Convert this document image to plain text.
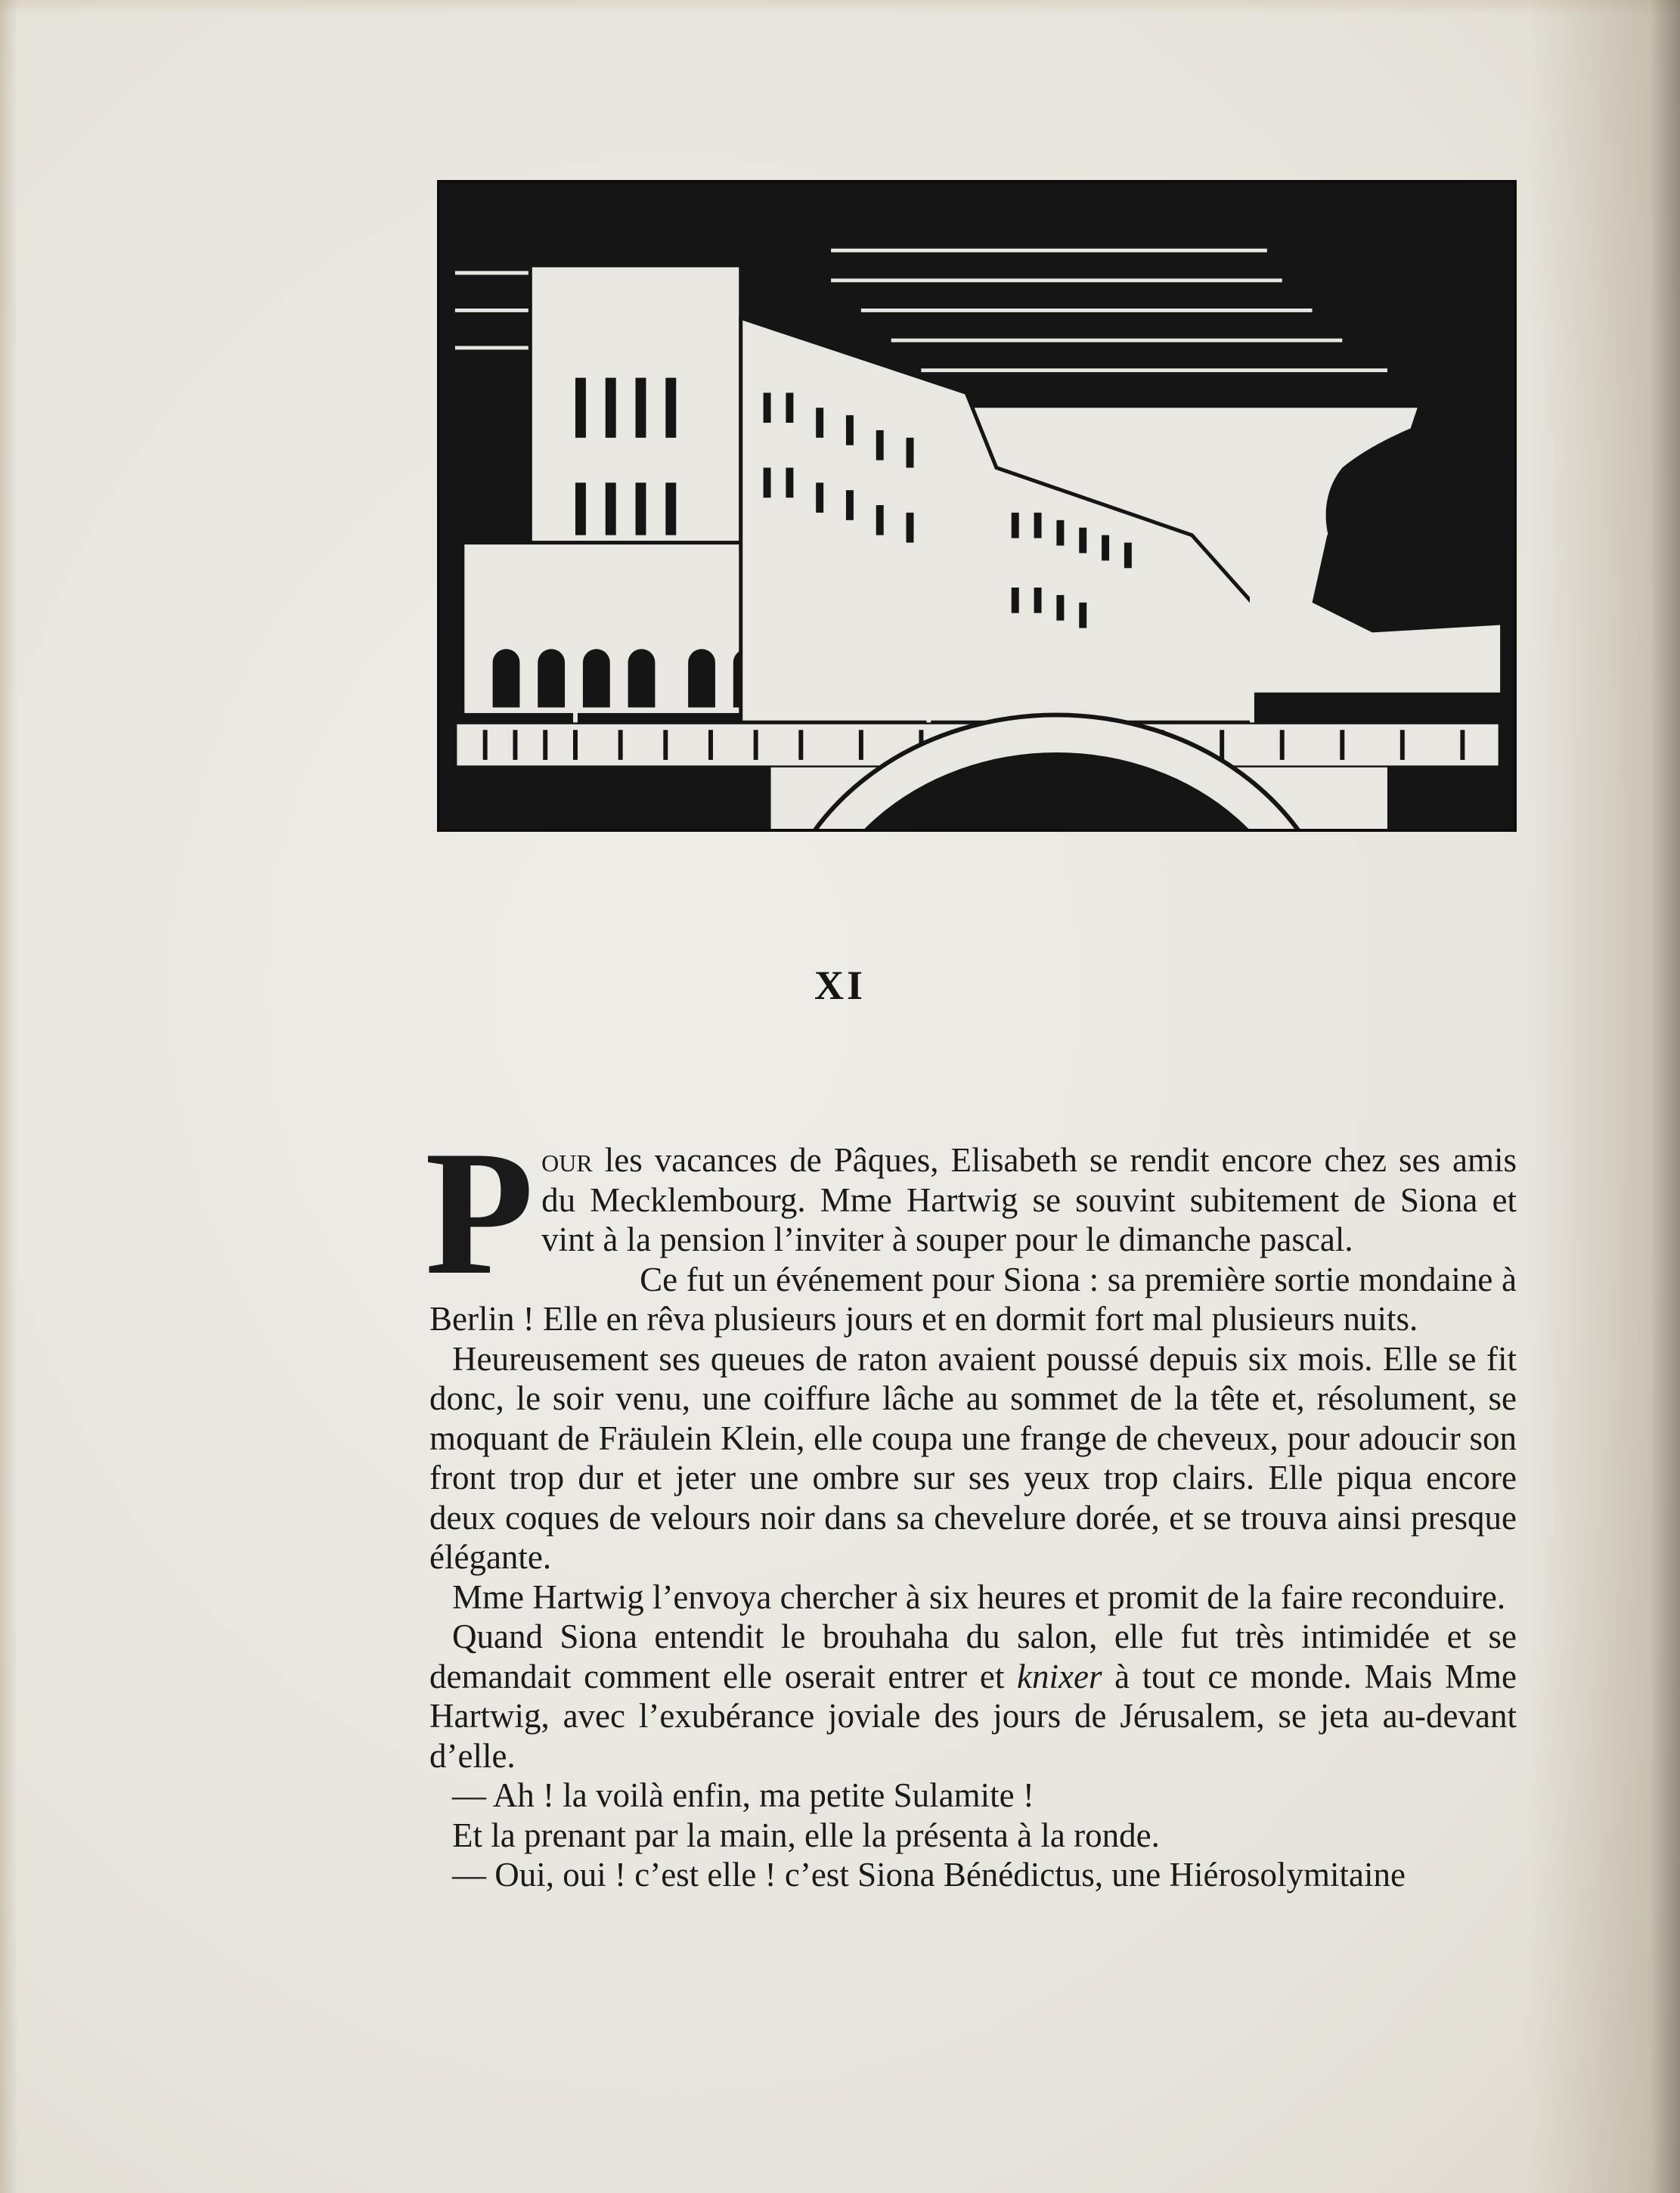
XI

Pour les vacances de Pâques, Elisabeth se rendit encore chez ses amis du Mecklembourg. Mme Hartwig se souvint subitement de Siona et vint à la pension l’inviter à souper pour le dimanche pascal.

Ce fut un événement pour Siona : sa première sortie mondaine à Berlin ! Elle en rêva plusieurs jours et en dormit fort mal plusieurs nuits.

Heureusement ses queues de raton avaient poussé depuis six mois. Elle se fit donc, le soir venu, une coiffure lâche au sommet de la tête et, résolument, se moquant de Fräulein Klein, elle coupa une frange de cheveux, pour adoucir son front trop dur et jeter une ombre sur ses yeux trop clairs. Elle piqua encore deux coques de velours noir dans sa chevelure dorée, et se trouva ainsi presque élégante.

Mme Hartwig l’envoya chercher à six heures et promit de la faire reconduire.

Quand Siona entendit le brouhaha du salon, elle fut très intimidée et se demandait comment elle oserait entrer et knixer à tout ce monde. Mais Mme Hartwig, avec l’exubérance joviale des jours de Jérusalem, se jeta au-devant d’elle.

— Ah ! la voilà enfin, ma petite Sulamite !

Et la prenant par la main, elle la présenta à la ronde.

— Oui, oui ! c’est elle ! c’est Siona Bénédictus, une Hiérosolymitaine
